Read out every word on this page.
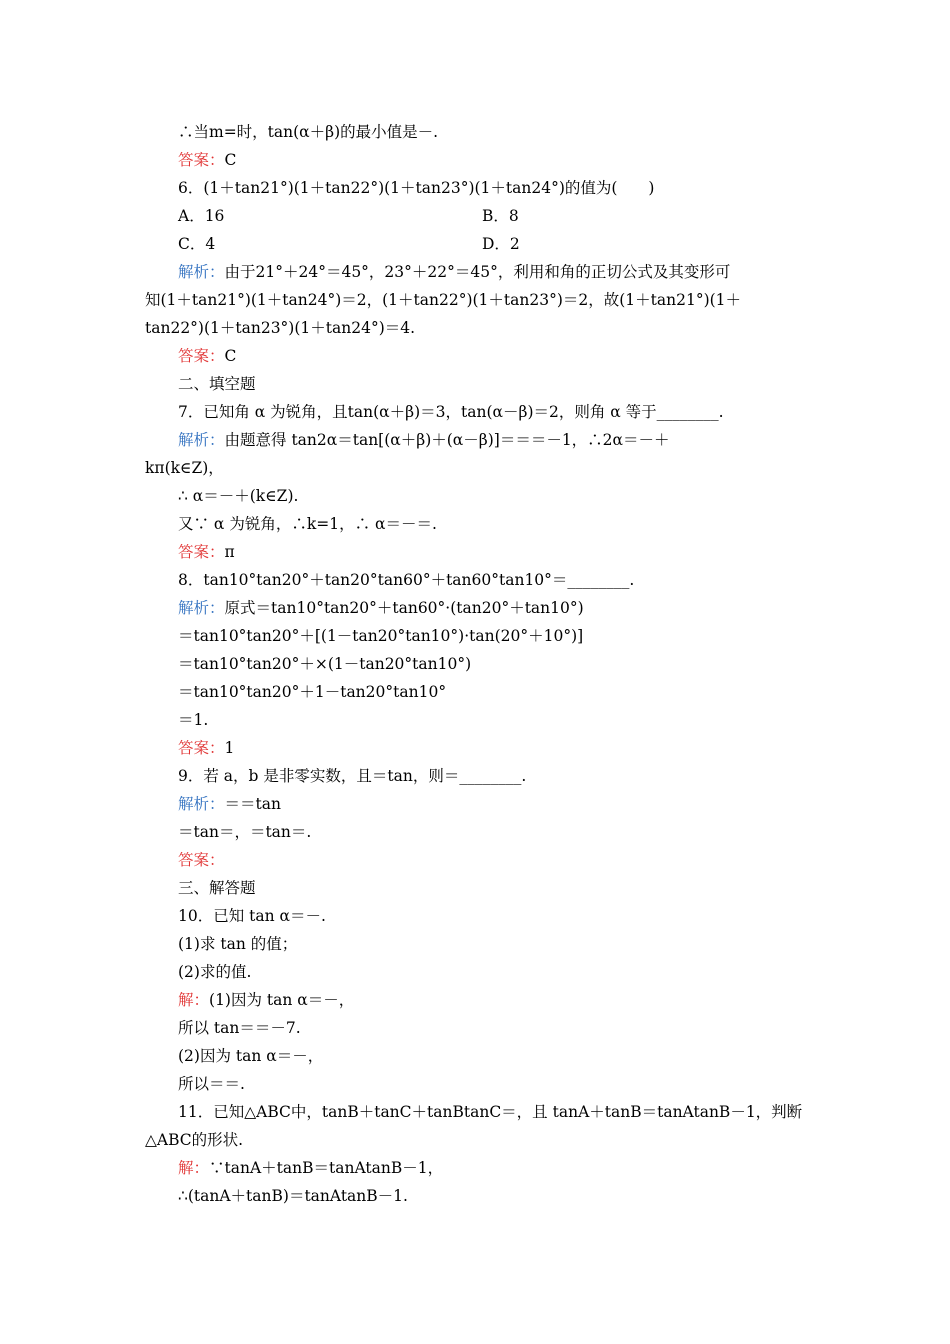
∴当m=时，tan(α＋β)的最小值是－.
答案：C
6．(1＋tan21°)(1＋tan22°)(1＋tan23°)(1＋tan24°)的值为(　　)
A．16	B．8
C．4	D．2
解析：由于21°＋24°＝45°，23°＋22°＝45°，利用和角的正切公式及其变形可
知(1＋tan21°)(1＋tan24°)＝2，(1＋tan22°)(1＋tan23°)＝2，故(1＋tan21°)(1＋
tan22°)(1＋tan23°)(1＋tan24°)＝4.
答案：C
二、填空题
7．已知角 α 为锐角，且tan(α＋β)＝3，tan(α－β)＝2，则角 α 等于________.
解析：由题意得 tan2α＝tan[(α＋β)＋(α－β)]＝＝＝－1，∴2α＝－＋
kπ(k∈Z)，
∴ α＝－＋(k∈Z).
又∵ α 为锐角，∴k=1，∴ α＝－＝.
答案：π
8．tan10°tan20°＋tan20°tan60°＋tan60°tan10°＝________.
解析：原式＝tan10°tan20°＋tan60°·(tan20°＋tan10°)
＝tan10°tan20°＋[(1－tan20°tan10°)·tan(20°＋10°)]
＝tan10°tan20°＋×(1－tan20°tan10°)
＝tan10°tan20°＋1－tan20°tan10°
＝1.
答案：1
9．若 a，b 是非零实数，且＝tan，则＝________.
解析：＝＝tan
＝tan＝，＝tan＝.
答案：
三、解答题
10．已知 tan α＝－.
(1)求 tan 的值；
(2)求的值.
解：(1)因为 tan α＝－，
所以 tan＝＝－7.
(2)因为 tan α＝－，
所以＝＝.
11．已知△ABC中，tanB＋tanC＋tanBtanC＝，且 tanA＋tanB＝tanAtanB－1，判断
△ABC的形状.
解：∵tanA＋tanB＝tanAtanB－1，
∴(tanA＋tanB)＝tanAtanB－1.
